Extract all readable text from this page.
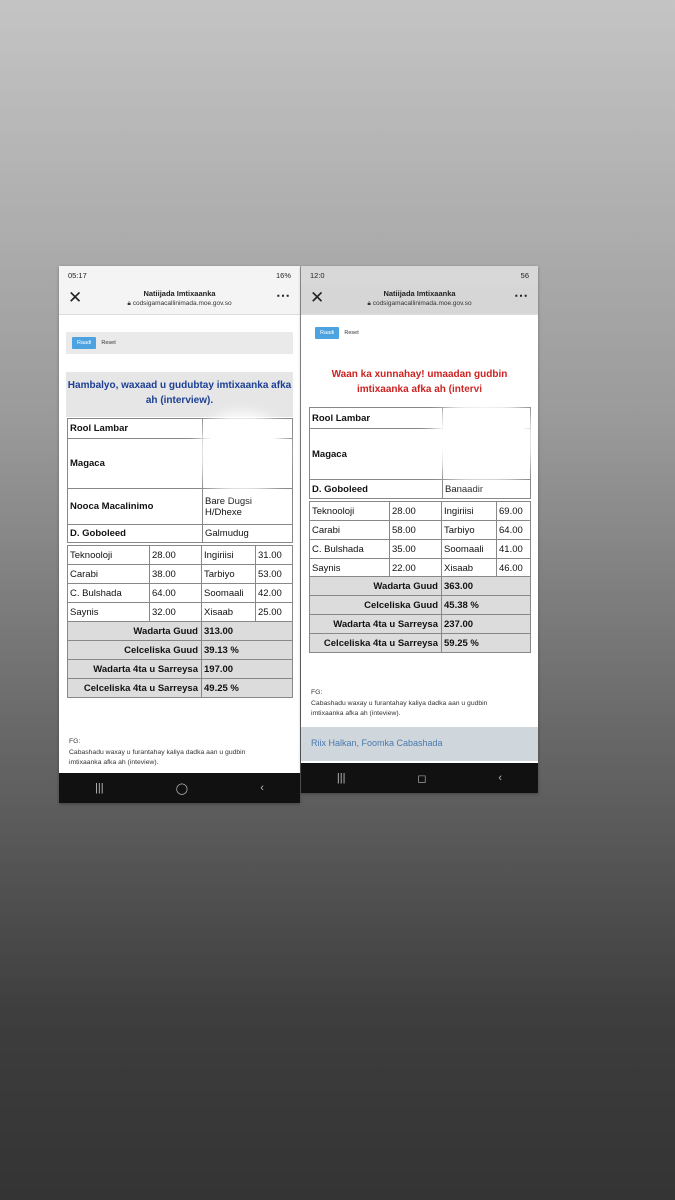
05:17	16%
✕	Natiijada Imtixaanka
🔒︎ codsigamacallinimada.moe.gov.so
⋯
Raadi	Reset
Hambalyo, waxaad u gudubtay imtixaanka afka ah (interview).
Rool Lambar	
Magaca	
Nooca Macalinimo	Bare Dugsi H/Dhexe
D. Goboleed	Galmudug
Teknooloji	28.00	Ingiriisi	31.00
Carabi	38.00	Tarbiyo	53.00
C. Bulshada	64.00	Soomaali	42.00
Saynis	32.00	Xisaab	25.00
Wadarta Guud	313.00
Celceliska Guud	39.13 %
Wadarta 4ta u Sarreysa	197.00
Celceliska 4ta u Sarreysa	49.25 %
FG:
Cabashadu waxay u furantahay kaliya dadka aan u gudbin imtixaanka afka ah (inteview).
|||	◯	‹
12:0	56
✕	Natiijada Imtixaanka
🔒︎ codsigamacallinimada.moe.gov.so
⋯
Raadi	Reset
Waan ka xunnahay! umaadan gudbin imtixaanka afka ah (intervi
Rool Lambar	
Magaca	
D. Goboleed	Banaadir
Teknooloji	28.00	Ingiriisi	69.00
Carabi	58.00	Tarbiyo	64.00
C. Bulshada	35.00	Soomaali	41.00
Saynis	22.00	Xisaab	46.00
Wadarta Guud	363.00
Celceliska Guud	45.38 %
Wadarta 4ta u Sarreysa	237.00
Celceliska 4ta u Sarreysa	59.25 %
FG:
Cabashadu waxay u furantahay kaliya dadka aan u gudbin imtixaanka afka ah (inteview).
Riix Halkan, Foomka Cabashada
|||	◻	‹
